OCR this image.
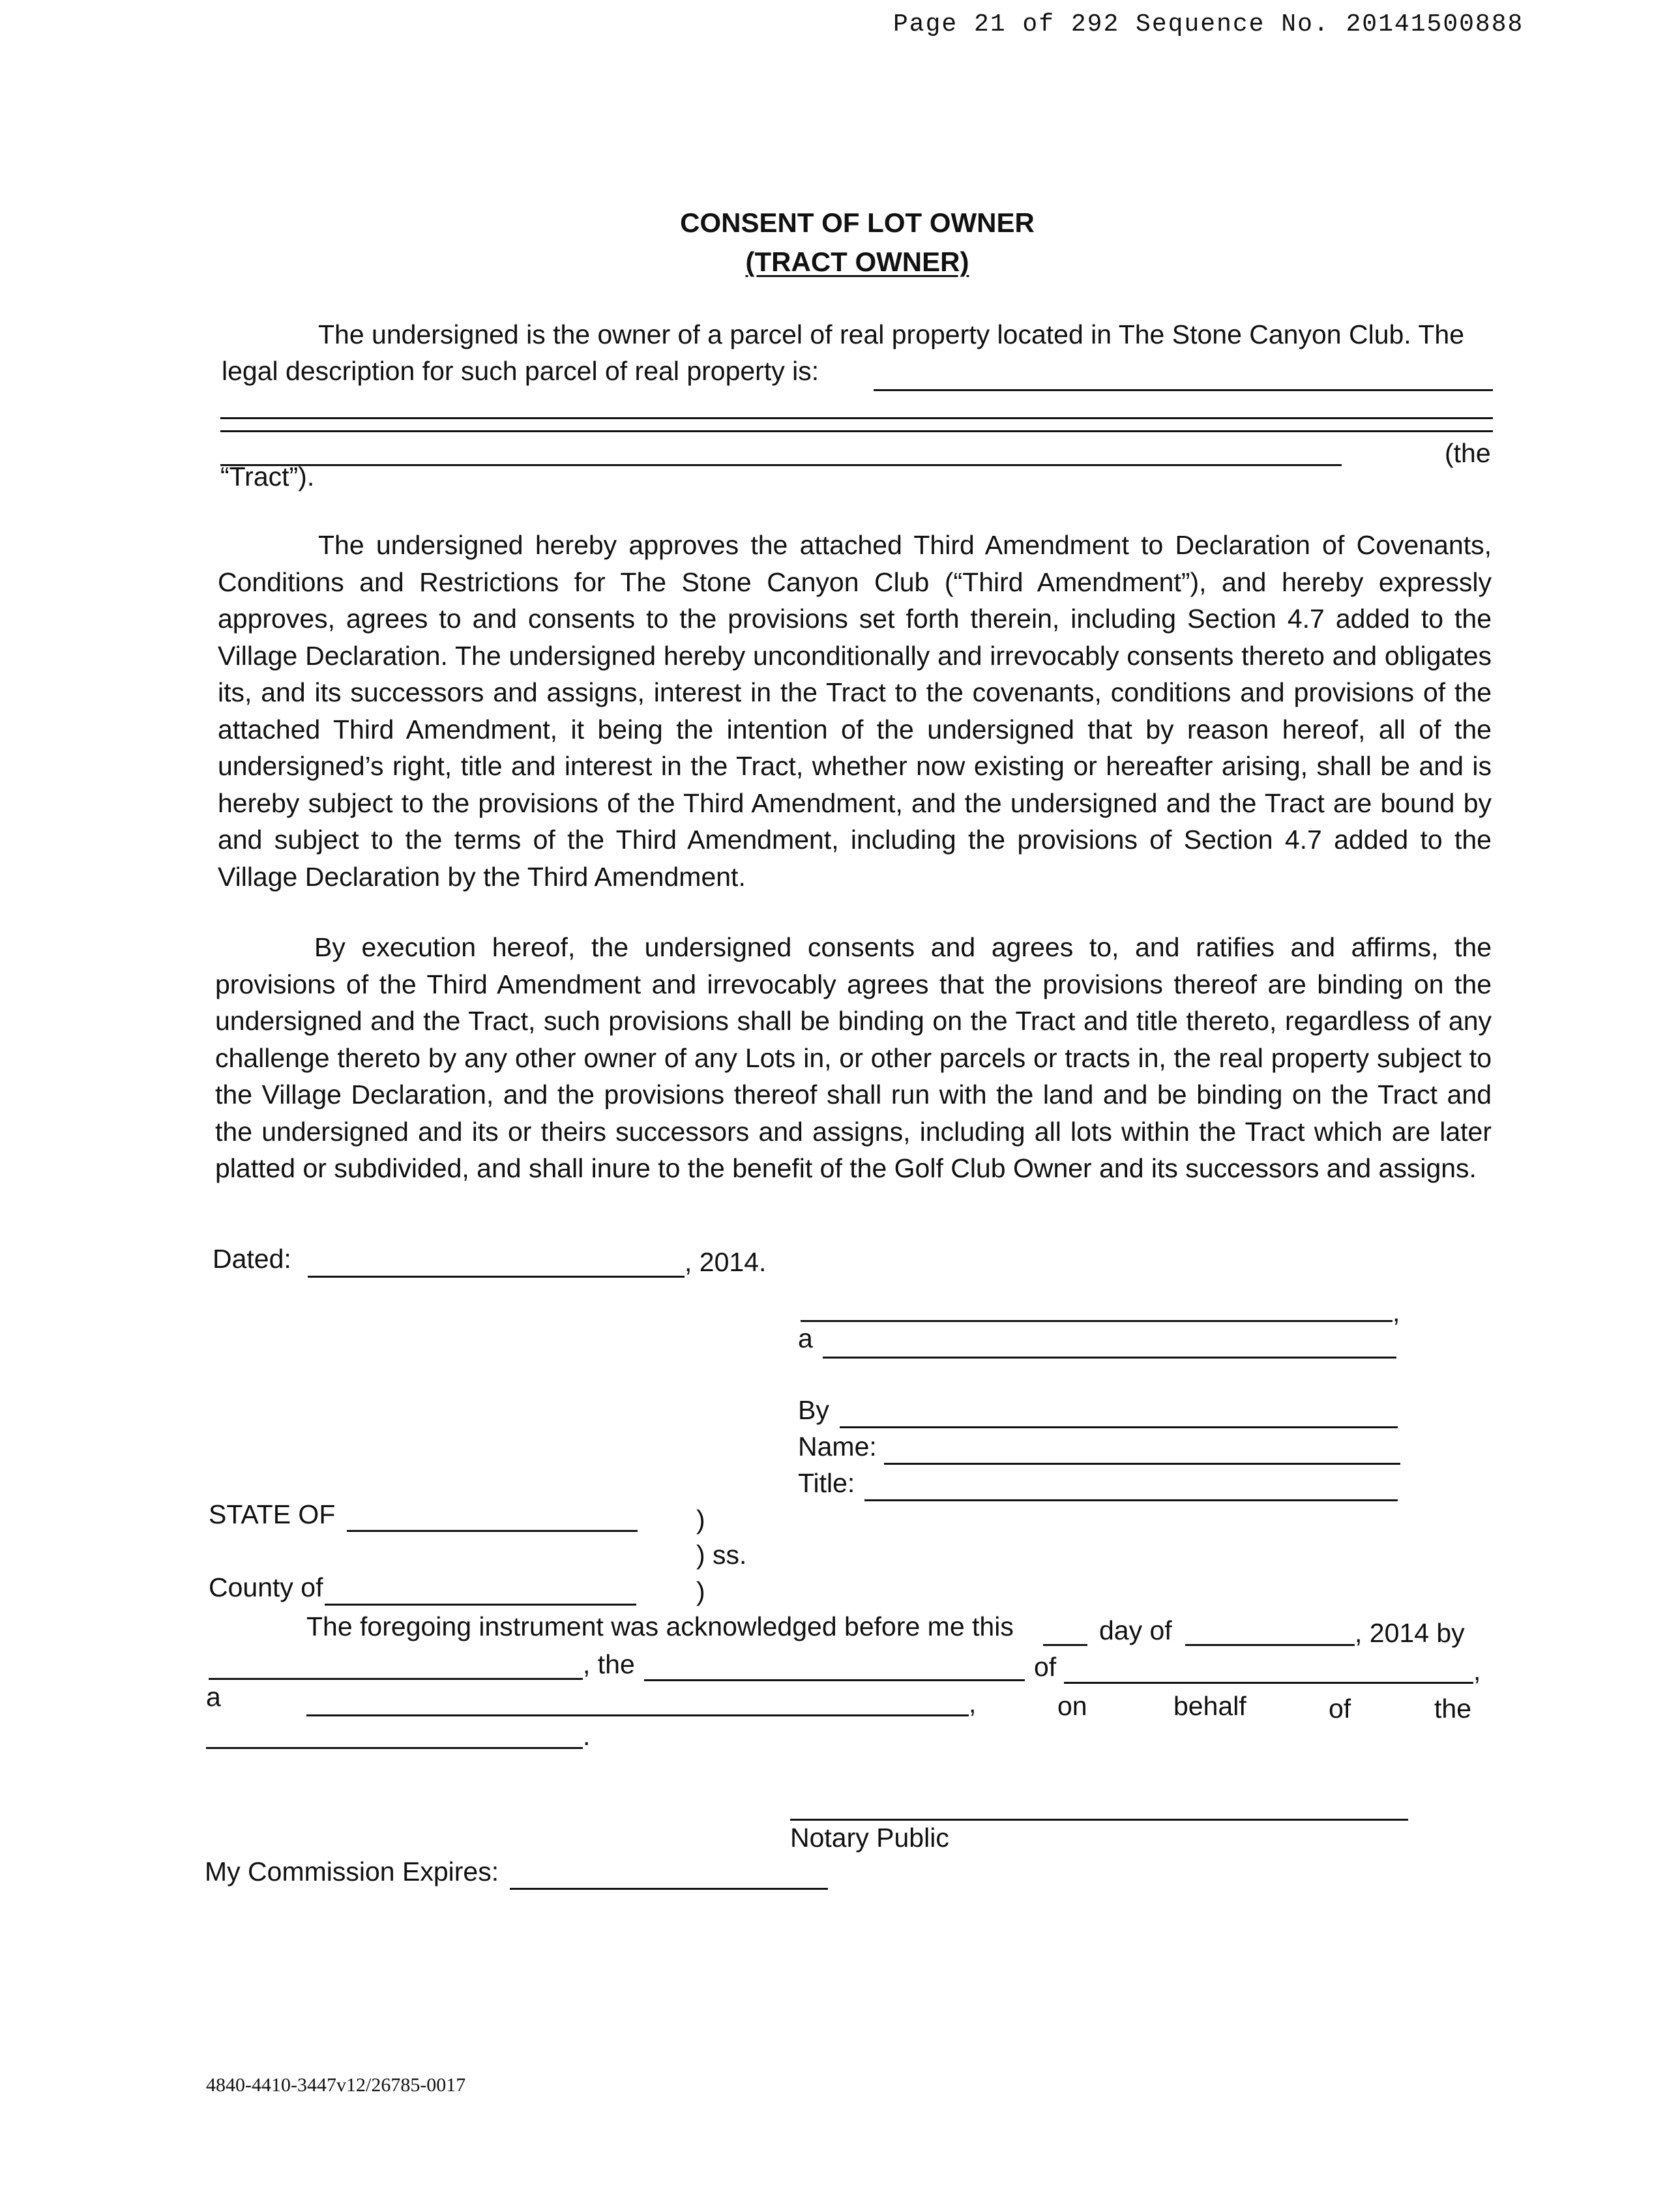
Page 21 of 292 Sequence No. 20141500888
CONSENT OF LOT OWNER
(TRACT OWNER)
The undersigned is the owner of a parcel of real property located in The Stone Canyon Club. The
legal description for such parcel of real property is:
(the
“Tract”).
The undersigned hereby approves the attached Third Amendment to Declaration of Covenants, Conditions and Restrictions for The Stone Canyon Club (“Third Amendment”), and hereby expressly approves, agrees to and consents to the provisions set forth therein, including Section 4.7 added to the Village Declaration. The undersigned hereby unconditionally and irrevocably consents thereto and obligates its, and its successors and assigns, interest in the Tract to the covenants, conditions and provisions of the attached Third Amendment, it being the intention of the undersigned that by reason hereof, all of the undersigned’s right, title and interest in the Tract, whether now existing or hereafter arising, shall be and is hereby subject to the provisions of the Third Amendment, and the undersigned and the Tract are bound by and subject to the terms of the Third Amendment, including the provisions of Section 4.7 added to the Village Declaration by the Third Amendment.
By execution hereof, the undersigned consents and agrees to, and ratifies and affirms, the provisions of the Third Amendment and irrevocably agrees that the provisions thereof are binding on the undersigned and the Tract, such provisions shall be binding on the Tract and title thereto, regardless of any challenge thereto by any other owner of any Lots in, or other parcels or tracts in, the real property subject to the Village Declaration, and the provisions thereof shall run with the land and be binding on the Tract and the undersigned and its or theirs successors and assigns, including all lots within the Tract which are later platted or subdivided, and shall inure to the benefit of the Golf Club Owner and its successors and assigns.
Dated:	, 2014.
,
a
By
Name:
Title:
STATE OF	)
) ss.
County of	)
The foregoing instrument was acknowledged before me this	day of	, 2014 by
, the	of	,
a	,	on	behalf	of	the
.
Notary Public
My Commission Expires:
4840-4410-3447v12/26785-0017
